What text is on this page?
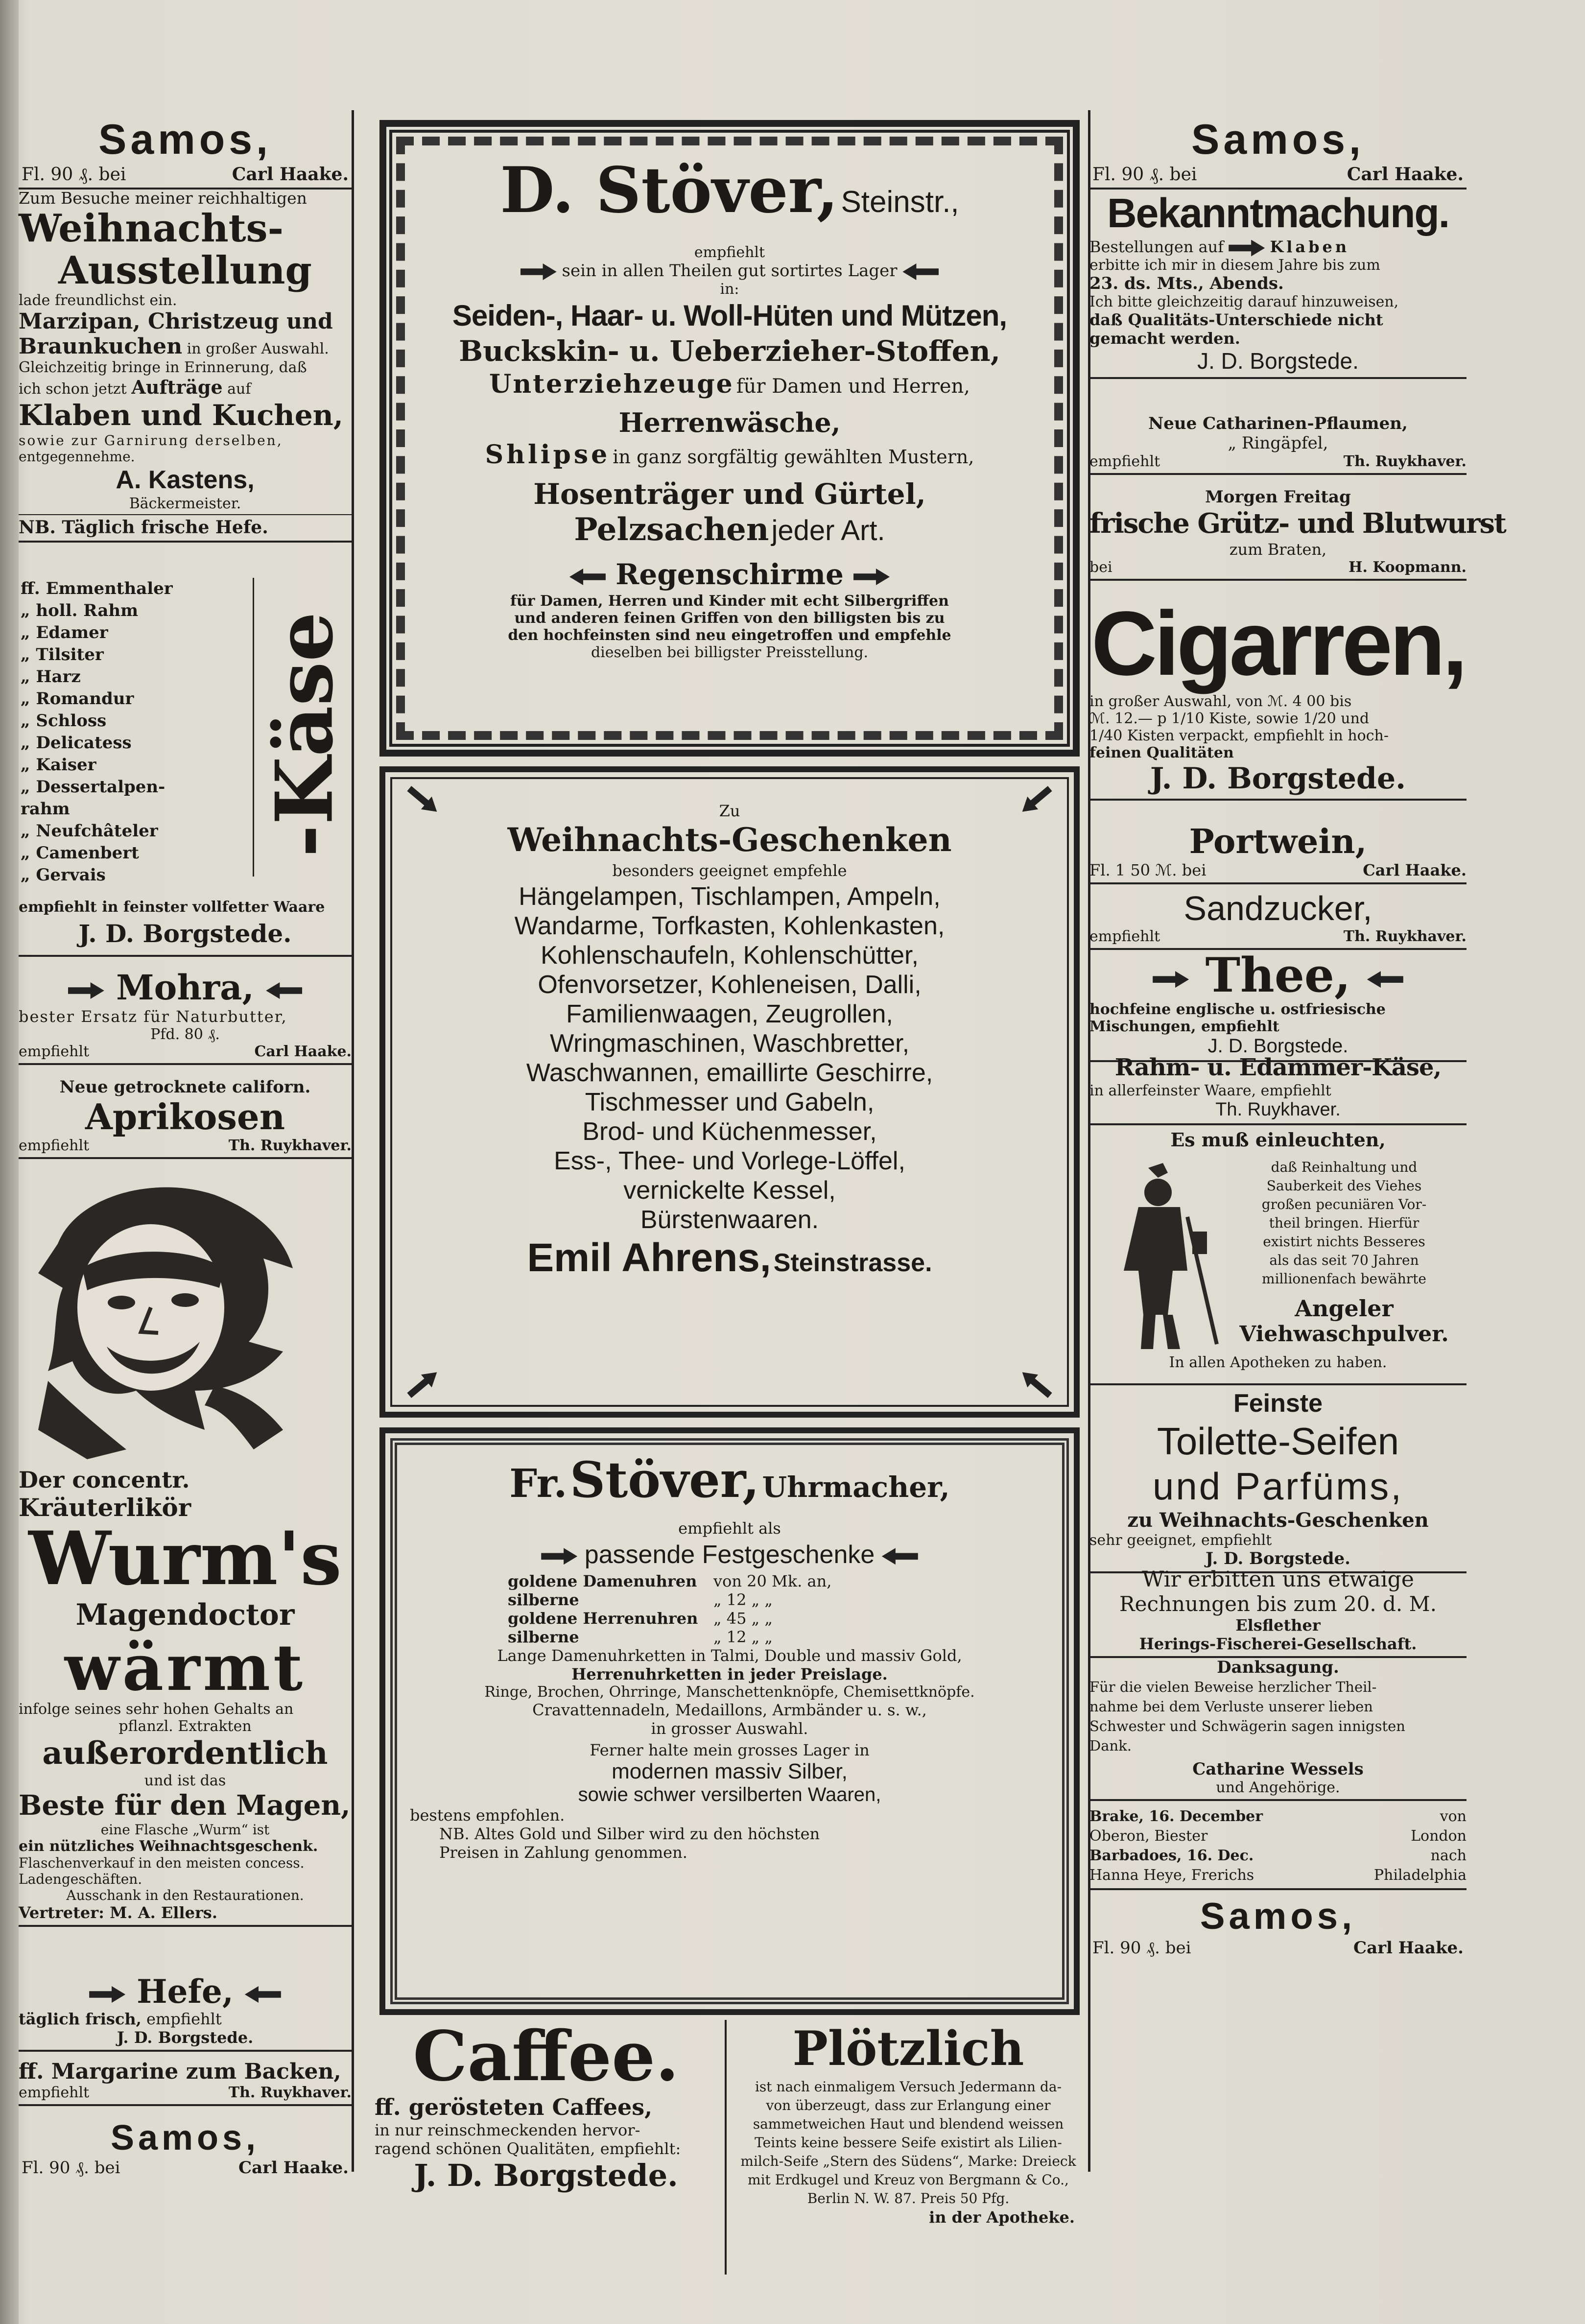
Samos,
Fl. 90 ₰. bei	Carl Haake.
Zum Besuche meiner reichhaltigen
Weihnachts-
Ausstellung
lade freundlichst ein.
Marzipan, Christzeug und
Braunkuchen in großer Auswahl.
Gleichzeitig bringe in Erinnerung, daß
ich schon jetzt Aufträge auf
Klaben und Kuchen,
sowie zur Garnirung derselben,
entgegennehme.
A. Kastens,
Bäckermeister.
NB. Täglich frische Hefe.
ff. Emmenthaler
„ holl. Rahm
„ Edamer
„ Tilsiter
„ Harz
„ Romandur
„ Schloss
„ Delicatess
„ Kaiser
„ Dessertalpen-
rahm
„ Neufchâteler
„ Camenbert
„ Gervais
-Käse
empfiehlt in feinster vollfetter Waare
J. D. Borgstede.
Mohra,
bester Ersatz für Naturbutter,
Pfd. 80 ₰.
empfiehlt	Carl Haake.
Neue getrocknete californ.
Aprikosen
empfiehlt	Th. Ruykhaver.
Der concentr.
Kräuterlikör
Wurm's
Magendoctor
wärmt
infolge seines sehr hohen Gehalts an
pflanzl. Extrakten
außerordentlich
und ist das
Beste für den Magen,
eine Flasche „Wurm“ ist
ein nützliches Weihnachtsgeschenk.
Flaschenverkauf in den meisten concess.
Ladengeschäften.
Ausschank in den Restaurationen.
Vertreter: M. A. Ellers.
Hefe,
täglich frisch, empfiehlt
J. D. Borgstede.
ff. Margarine zum Backen,
empfiehlt	Th. Ruykhaver.
Samos,
Fl. 90 ₰. bei	Carl Haake.
D. Stöver, Steinstr.,
empfiehlt
sein in allen Theilen gut sortirtes Lager
in:
Seiden-, Haar- u. Woll-Hüten und Mützen,
Buckskin- u. Ueberzieher-Stoffen,
Unterziehzeuge für Damen und Herren,
Herrenwäsche,
Shlipse in ganz sorgfältig gewählten Mustern,
Hosenträger und Gürtel,
Pelzsachen jeder Art.
Regenschirme
für Damen, Herren und Kinder mit echt Silbergriffen
und anderen feinen Griffen von den billigsten bis zu
den hochfeinsten sind neu eingetroffen und empfehle
dieselben bei billigster Preisstellung.
Zu
Weihnachts-Geschenken
besonders geeignet empfehle
Hängelampen, Tischlampen, Ampeln,
Wandarme, Torfkasten, Kohlenkasten,
Kohlenschaufeln, Kohlenschütter,
Ofenvorsetzer, Kohleneisen, Dalli,
Familienwaagen, Zeugrollen,
Wringmaschinen, Waschbretter,
Waschwannen, emaillirte Geschirre,
Tischmesser und Gabeln,
Brod- und Küchenmesser,
Ess-, Thee- und Vorlege-Löffel,
vernickelte Kessel,
Bürstenwaaren.
Emil Ahrens, Steinstrasse.
Fr. Stöver, Uhrmacher,
empfiehlt als
passende Festgeschenke
goldene Damenuhren	von 20 Mk. an,
silberne	„ 12 „ „
goldene Herrenuhren „ 45 „ „
silberne	„ 12 „ „
Lange Damenuhrketten in Talmi, Double und massiv Gold,
Herrenuhrketten in jeder Preislage.
Ringe, Brochen, Ohrringe, Manschettenknöpfe, Chemisettknöpfe.
Cravattennadeln, Medaillons, Armbänder u. s. w.,
in grosser Auswahl.
Ferner halte mein grosses Lager in
modernen massiv Silber,
sowie schwer versilberten Waaren,
bestens empfohlen.
NB. Altes Gold und Silber wird zu den höchsten
Preisen in Zahlung genommen.
Caffee.
ff. gerösteten Caffees,
in nur reinschmeckenden hervor-
ragend schönen Qualitäten, empfiehlt:
J. D. Borgstede.
Plötzlich
ist nach einmaligem Versuch Jedermann da-
von überzeugt, dass zur Erlangung einer
sammetweichen Haut und blendend weissen
Teints keine bessere Seife existirt als Lilien-
milch-Seife „Stern des Südens“, Marke: Dreieck
mit Erdkugel und Kreuz von Bergmann & Co.,
Berlin N. W. 87. Preis 50 Pfg.
in der Apotheke.
Samos,
Fl. 90 ₰. bei	Carl Haake.
Bekanntmachung.
Bestellungen auf	Klaben
erbitte ich mir in diesem Jahre bis zum
23. ds. Mts., Abends.
Ich bitte gleichzeitig darauf hinzuweisen,
daß Qualitäts-Unterschiede nicht
gemacht werden.
J. D. Borgstede.
Neue Catharinen-Pflaumen,
„ Ringäpfel,
empfiehlt	Th. Ruykhaver.
Morgen Freitag
frische Grütz- und Blutwurst
zum Braten,
bei	H. Koopmann.
Cigarren,
in großer Auswahl, von ℳ. 4 00 bis
ℳ. 12.— p 1/10 Kiste, sowie 1/20 und
1/40 Kisten verpackt, empfiehlt in hoch-
feinen Qualitäten
J. D. Borgstede.
Portwein,
Fl. 1 50 ℳ. bei	Carl Haake.
Sandzucker,
empfiehlt	Th. Ruykhaver.
Thee,
hochfeine englische u. ostfriesische
Mischungen, empfiehlt
J. D. Borgstede.
Rahm- u. Edammer-Käse,
in allerfeinster Waare, empfiehlt
Th. Ruykhaver.
Es muß einleuchten,
daß Reinhaltung und
Sauberkeit des Viehes
großen pecuniären Vor-
theil bringen. Hierfür
existirt nichts Besseres
als das seit 70 Jahren
millionenfach bewährte
Angeler
Viehwaschpulver.
In allen Apotheken zu haben.
Feinste
Toilette-Seifen
und Parfüms,
zu Weihnachts-Geschenken
sehr geeignet, empfiehlt
J. D. Borgstede.
Wir erbitten uns etwaige
Rechnungen bis zum 20. d. M.
Elsflether
Herings-Fischerei-Gesellschaft.
Danksagung.
Für die vielen Beweise herzlicher Theil-
nahme bei dem Verluste unserer lieben
Schwester und Schwägerin sagen innigsten
Dank.
Catharine Wessels
und Angehörige.
Brake, 16. December	von
Oberon, Biester	London
Barbadoes, 16. Dec.	nach
Hanna Heye, Frerichs	Philadelphia
Samos,
Fl. 90 ₰. bei	Carl Haake.
